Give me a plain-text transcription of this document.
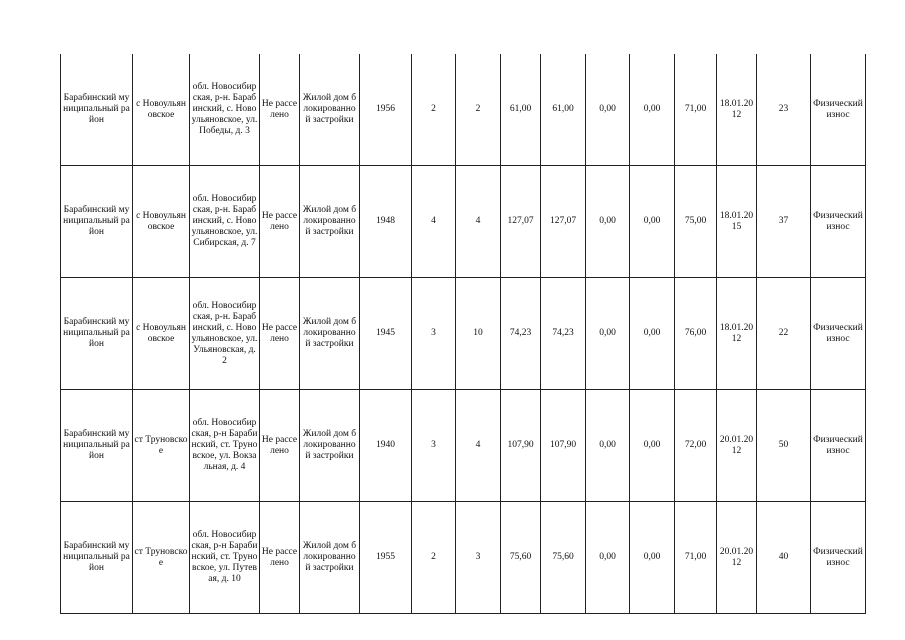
Барабинский муниципальный район	с Новоульяновское	обл. Новосибирская, р-н. Барабинский, с. Новоульяновское, ул. Победы, д. 3	Не расселено	Жилой дом блокированной застройки	1956	2	2	61,00	61,00	0,00	0,00	71,00	18.01.2012	23	Физический износ
Барабинский муниципальный район	с Новоульяновское	обл. Новосибирская, р-н. Барабинский, с. Новоульяновское, ул. Сибирская, д. 7	Не расселено	Жилой дом блокированной застройки	1948	4	4	127,07	127,07	0,00	0,00	75,00	18.01.2015	37	Физический износ
Барабинский муниципальный район	с Новоульяновское	обл. Новосибирская, р-н. Барабинский, с. Новоульяновское, ул. Ульяновская, д. 2	Не расселено	Жилой дом блокированной застройки	1945	3	10	74,23	74,23	0,00	0,00	76,00	18.01.2012	22	Физический износ
Барабинский муниципальный район	ст Труновское	обл. Новосибирская, р-н Барабинский, ст. Труновское, ул. Вокзальная, д. 4	Не расселено	Жилой дом блокированной застройки	1940	3	4	107,90	107,90	0,00	0,00	72,00	20.01.2012	50	Физический износ
Барабинский муниципальный район	ст Труновское	обл. Новосибирская, р-н Барабинский, ст. Труновское, ул. Путевая, д. 10	Не расселено	Жилой дом блокированной застройки	1955	2	3	75,60	75,60	0,00	0,00	71,00	20.01.2012	40	Физический износ
